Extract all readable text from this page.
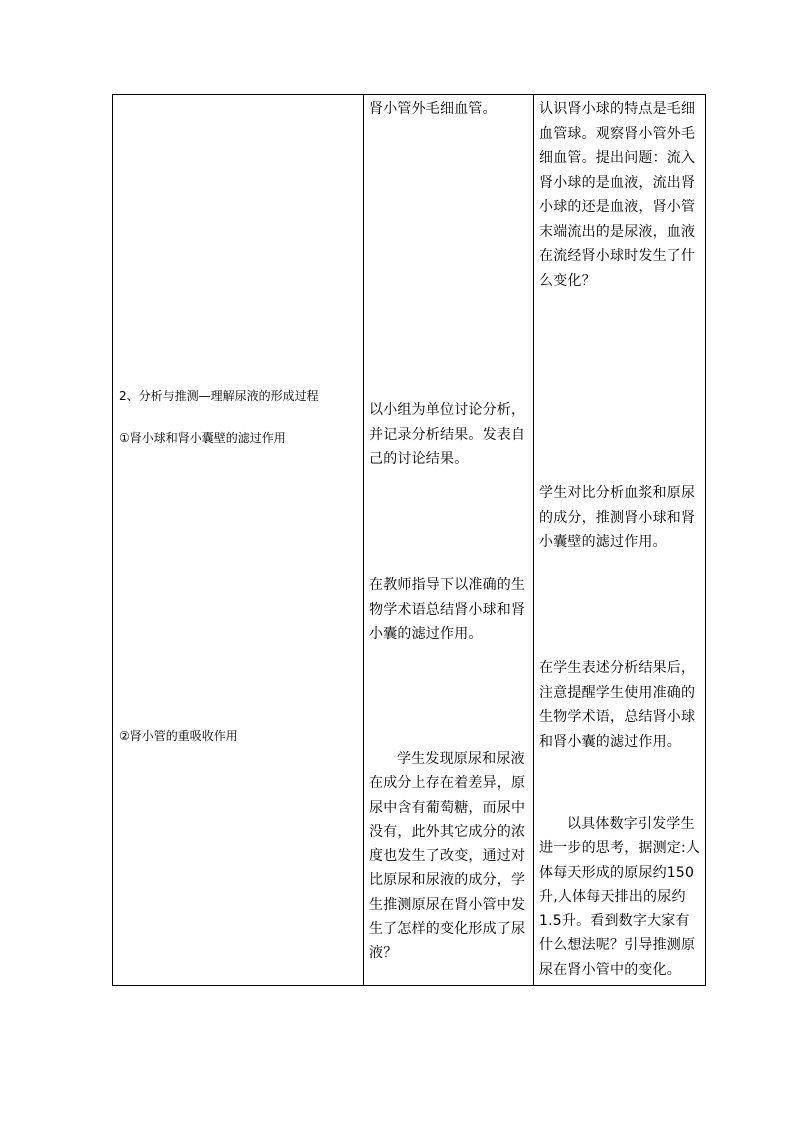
2、分析与推测—理解尿液的形成过程

①肾小球和肾小囊壁的滤过作用

②肾小管的重吸收作用

肾小管外毛细血管。

以小组为单位讨论分析，并记录分析结果。发表自己的讨论结果。

在教师指导下以准确的生物学术语总结肾小球和肾小囊的滤过作用。

学生发现原尿和尿液在成分上存在着差异，原尿中含有葡萄糖，而尿中没有，此外其它成分的浓度也发生了改变，通过对比原尿和尿液的成分，学生推测原尿在肾小管中发生了怎样的变化形成了尿液？

认识肾小球的特点是毛细血管球。观察肾小管外毛细血管。提出问题：流入肾小球的是血液，流出肾小球的还是血液，肾小管末端流出的是尿液，血液在流经肾小球时发生了什么变化？

学生对比分析血浆和原尿的成分，推测肾小球和肾小囊壁的滤过作用。

在学生表述分析结果后，注意提醒学生使用准确的生物学术语，总结肾小球和肾小囊的滤过作用。

以具体数字引发学生进一步的思考，据测定:人体每天形成的原尿约150升,人体每天排出的尿约1.5升。看到数字大家有什么想法呢？引导推测原尿在肾小管中的变化。
